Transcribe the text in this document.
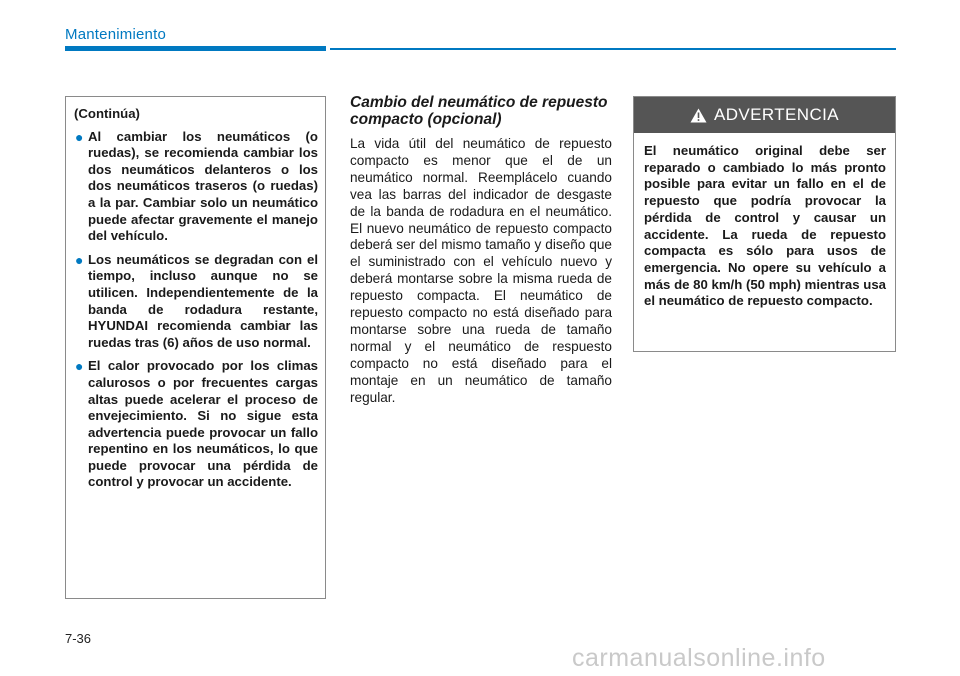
Mantenimiento
(Continúa)
● Al cambiar los neumáticos (o ruedas), se recomienda cambiar los dos neumáticos delanteros o los dos neumáticos traseros (o ruedas) a la par. Cambiar solo un neumático puede afectar gravemente el manejo del vehículo.
● Los neumáticos se degradan con el tiempo, incluso aunque no se utilicen. Independientemente de la banda de rodadura restante, HYUNDAI recomienda cambiar las ruedas tras (6) años de uso normal.
● El calor provocado por los climas calurosos o por frecuentes cargas altas puede acelerar el proceso de envejecimiento. Si no sigue esta advertencia puede provocar un fallo repentino en los neumáticos, lo que puede provocar una pérdida de control y provocar un accidente.
Cambio del neumático de repuesto compacto (opcional)
La vida útil del neumático de repuesto compacto es menor que el de un neumático normal. Reemplácelo cuando vea las barras del indicador de desgaste de la banda de rodadura en el neumático. El nuevo neumático de repuesto compacto deberá ser del mismo tamaño y diseño que el suministrado con el vehículo nuevo y deberá montarse sobre la misma rueda de repuesto compacta. El neumático de repuesto compacto no está diseñado para montarse sobre una rueda de tamaño normal y el neumático de respuesto compacto no está diseñado para el montaje en un neumático de tamaño regular.
ADVERTENCIA
El neumático original debe ser reparado o cambiado lo más pronto posible para evitar un fallo en el de repuesto que podría provocar la pérdida de control y causar un accidente. La rueda de repuesto compacta es sólo para usos de emergencia. No opere su vehículo a más de 80 km/h (50 mph) mientras usa el neumático de repuesto compacto.
7-36
carmanualsonline.info
